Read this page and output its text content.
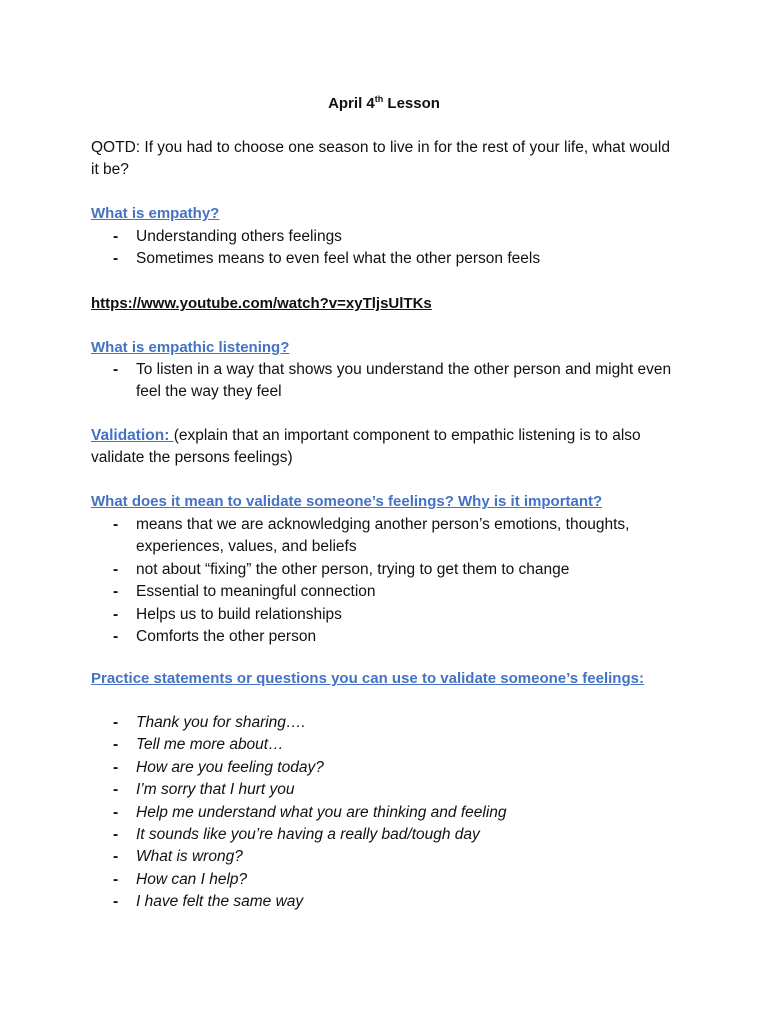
April 4th Lesson
QOTD: If you had to choose one season to live in for the rest of your life, what would it be?
What is empathy?
- Understanding others feelings
- Sometimes means to even feel what the other person feels
https://www.youtube.com/watch?v=xyTljsUlTKs
What is empathic listening?
- To listen in a way that shows you understand the other person and might even feel the way they feel
Validation: (explain that an important component to empathic listening is to also validate the persons feelings)
What does it mean to validate someone’s feelings? Why is it important?
- means that we are acknowledging another person’s emotions, thoughts, experiences, values, and beliefs
- not about “fixing” the other person, trying to get them to change
- Essential to meaningful connection
- Helps us to build relationships
- Comforts the other person
Practice statements or questions you can use to validate someone’s feelings:
- Thank you for sharing….
- Tell me more about…
- How are you feeling today?
- I’m sorry that I hurt you
- Help me understand what you are thinking and feeling
- It sounds like you’re having a really bad/tough day
- What is wrong?
- How can I help?
- I have felt the same way
